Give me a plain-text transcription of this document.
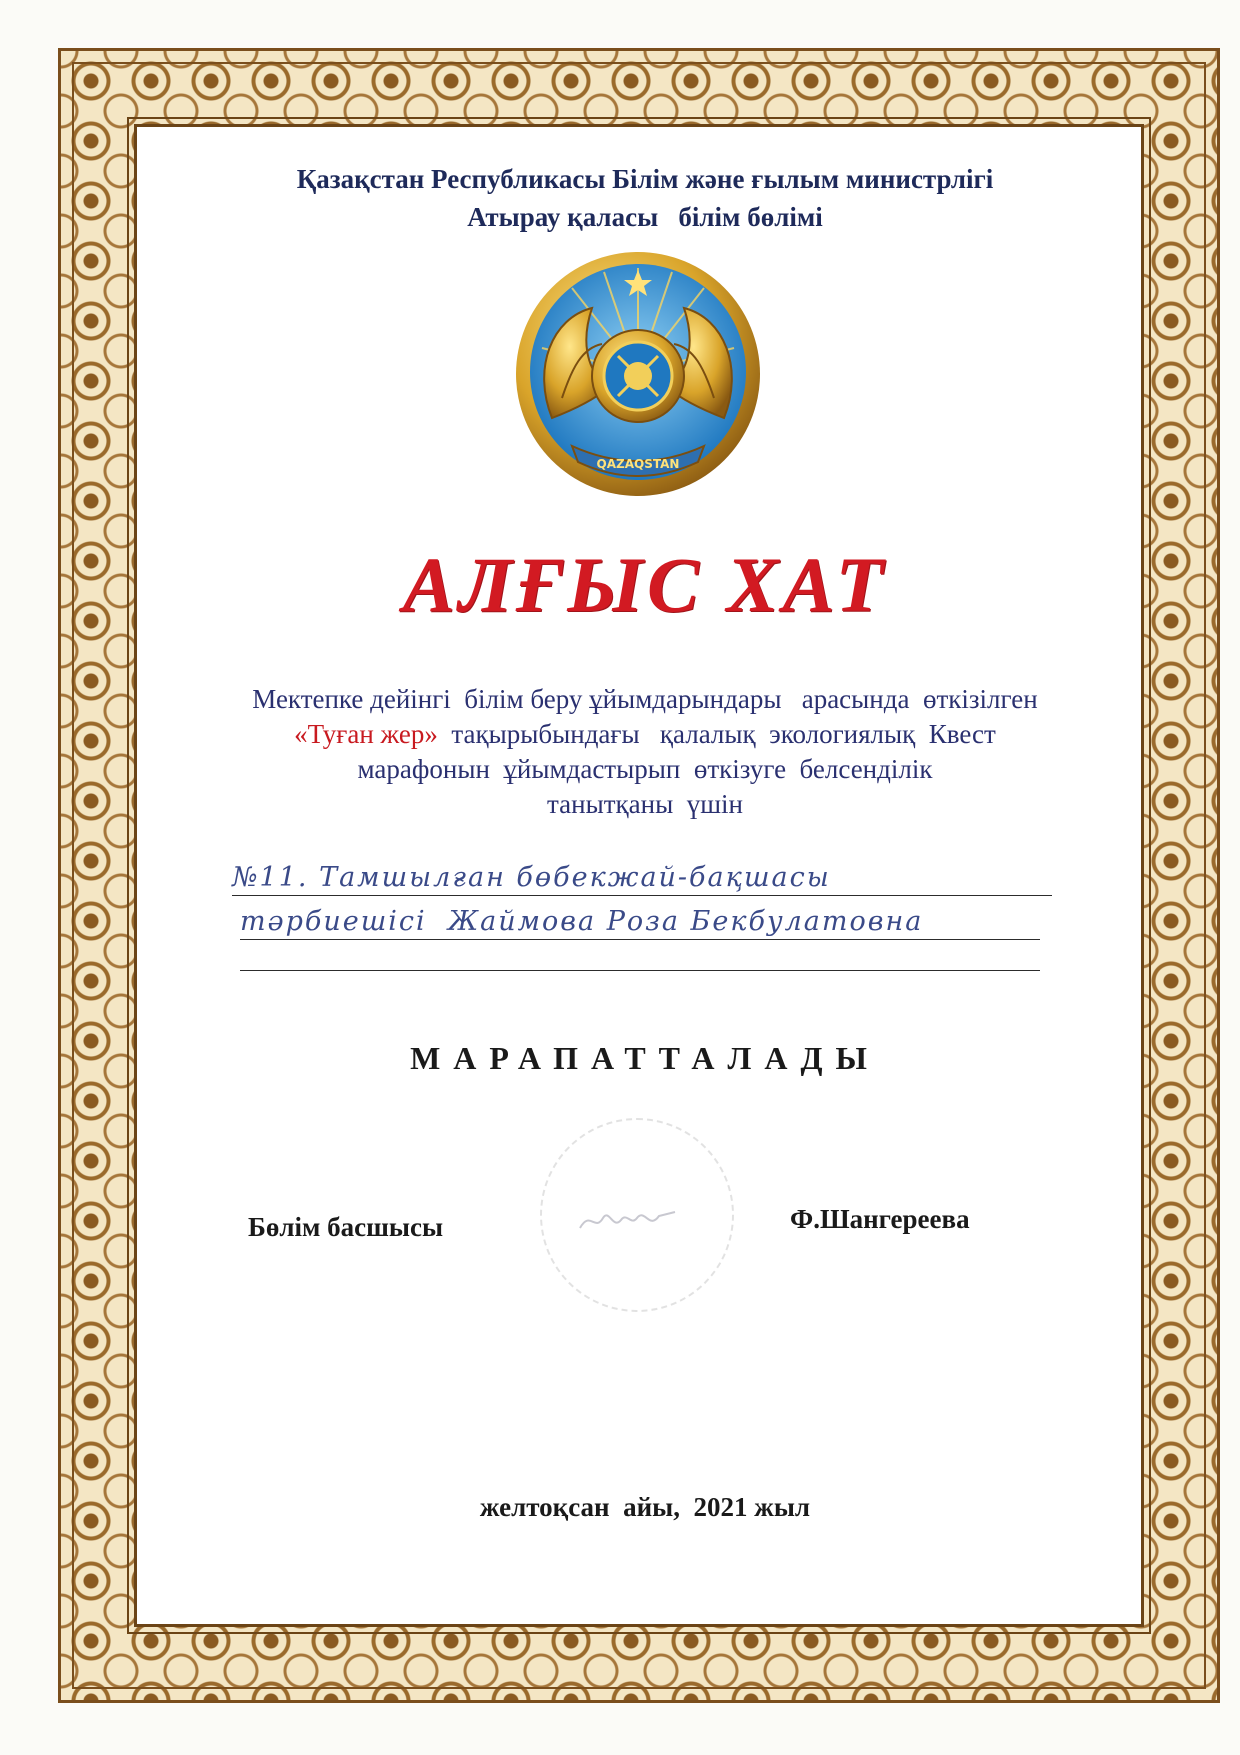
Қазақстан Республикасы Білім және ғылым министрлігі
Атырау қаласы   білім бөлімі
QAZAQSTAN
АЛҒЫС ХАТ
Мектепке дейінгі  білім беру ұйымдарындары   арасында  өткізілген
«Туған жер»  тақырыбындағы   қалалық  экологиялық  Квест
марафонын  ұйымдастырып  өткізуге  белсенділік
танытқаны  үшін
№11. Тамшылған бөбекжай-бақшасы
тәрбиешісі  Жаймова Роза Бекбулатовна
МАРАПАТТАЛАДЫ
Бөлім басшысы	Ф.Шангереева
желтоқсан  айы,  2021 жыл
